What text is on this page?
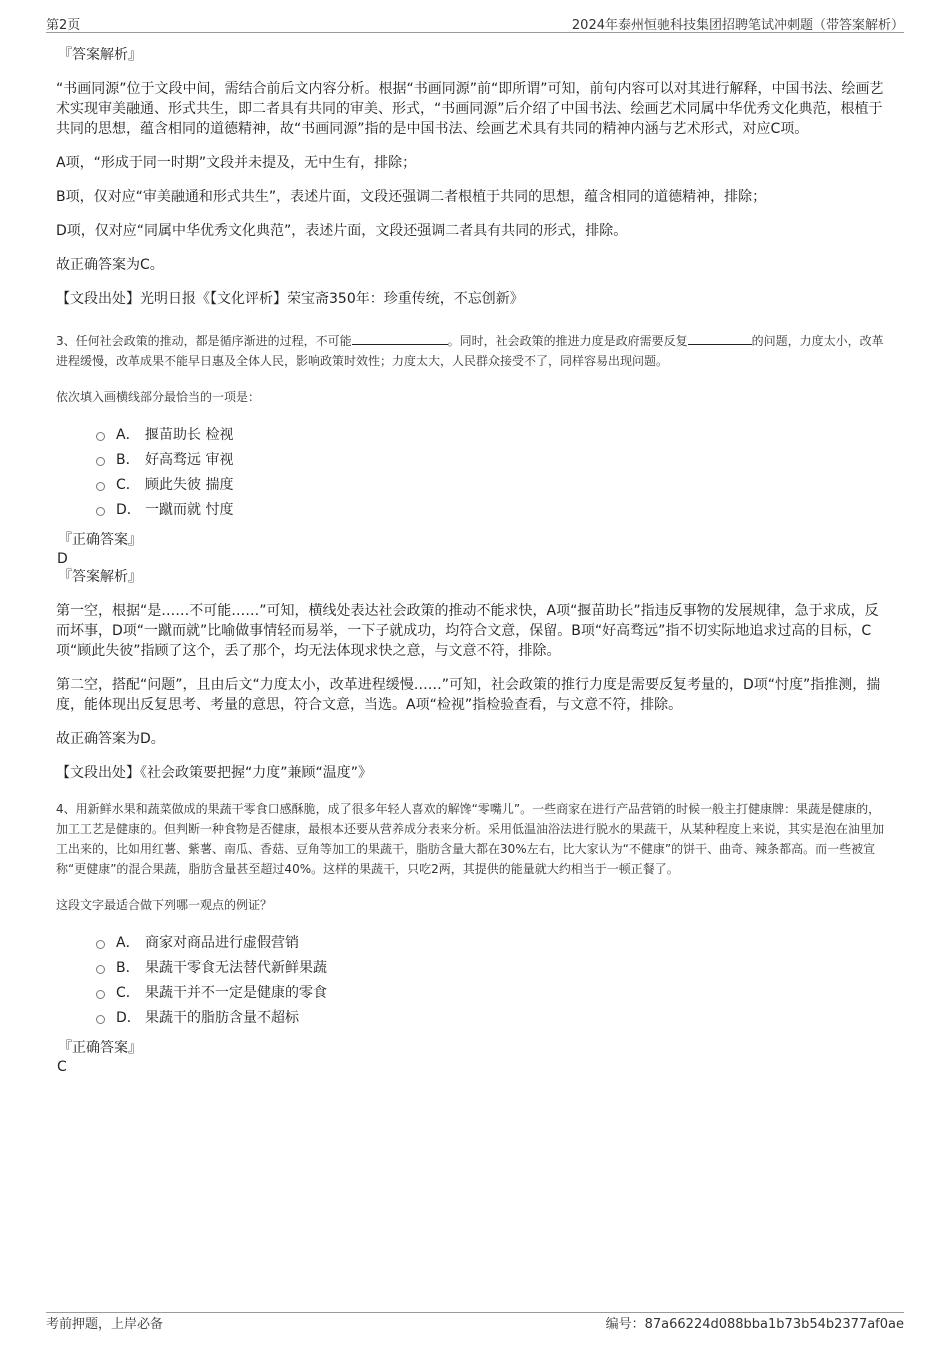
第2页	2024年泰州恒驰科技集团招聘笔试冲刺题（带答案解析）

『答案解析』

“书画同源”位于文段中间，需结合前后文内容分析。根据“书画同源”前“即所谓”可知，前句内容可以对其进行解释，中国书法、绘画艺术实现审美融通、形式共生，即二者具有共同的审美、形式，“书画同源”后介绍了中国书法、绘画艺术同属中华优秀文化典范，根植于共同的思想，蕴含相同的道德精神，故“书画同源”指的是中国书法、绘画艺术具有共同的精神内涵与艺术形式，对应C项。

A项，“形成于同一时期”文段并未提及，无中生有，排除；

B项，仅对应“审美融通和形式共生”，表述片面，文段还强调二者根植于共同的思想，蕴含相同的道德精神，排除；

D项，仅对应“同属中华优秀文化典范”，表述片面，文段还强调二者具有共同的形式，排除。

故正确答案为C。

【文段出处】光明日报《【文化评析】荣宝斋350年：珍重传统，不忘创新》

3、任何社会政策的推动，都是循序渐进的过程，不可能	。同时，社会政策的推进力度是政府需要反复	的问题，力度太小，改革进程缓慢，改革成果不能早日惠及全体人民，影响政策时效性；力度太大，人民群众接受不了，同样容易出现问题。

依次填入画横线部分最恰当的一项是：

A． 揠苗助长 检视
B． 好高骛远 审视
C． 顾此失彼 揣度
D． 一蹴而就 忖度

『正确答案』

D

『答案解析』

第一空，根据“是……不可能……”可知，横线处表达社会政策的推动不能求快，A项“揠苗助长”指违反事物的发展规律，急于求成，反而坏事，D项“一蹴而就”比喻做事情轻而易举，一下子就成功，均符合文意，保留。B项“好高骛远”指不切实际地追求过高的目标，C项“顾此失彼”指顾了这个，丢了那个，均无法体现求快之意，与文意不符，排除。

第二空，搭配“问题”，且由后文“力度太小，改革进程缓慢……”可知，社会政策的推行力度是需要反复考量的，D项“忖度”指推测，揣度，能体现出反复思考、考量的意思，符合文意，当选。A项“检视”指检验查看，与文意不符，排除。

故正确答案为D。

【文段出处】《社会政策要把握“力度”兼顾“温度”》

4、用新鲜水果和蔬菜做成的果蔬干零食口感酥脆，成了很多年轻人喜欢的解馋“零嘴儿”。一些商家在进行产品营销的时候一般主打健康牌：果蔬是健康的，加工工艺是健康的。但判断一种食物是否健康，最根本还要从营养成分表来分析。采用低温油浴法进行脱水的果蔬干，从某种程度上来说，其实是泡在油里加工出来的，比如用红薯、紫薯、南瓜、香菇、豆角等加工的果蔬干，脂肪含量大都在30%左右，比大家认为“不健康”的饼干、曲奇、辣条都高。而一些被宣称“更健康”的混合果蔬，脂肪含量甚至超过40%。这样的果蔬干，只吃2两，其提供的能量就大约相当于一顿正餐了。

这段文字最适合做下列哪一观点的例证？

A． 商家对商品进行虚假营销
B． 果蔬干零食无法替代新鲜果蔬
C． 果蔬干并不一定是健康的零食
D． 果蔬干的脂肪含量不超标

『正确答案』

C

考前押题，上岸必备	编号：87a66224d088bba1b73b54b2377af0ae
